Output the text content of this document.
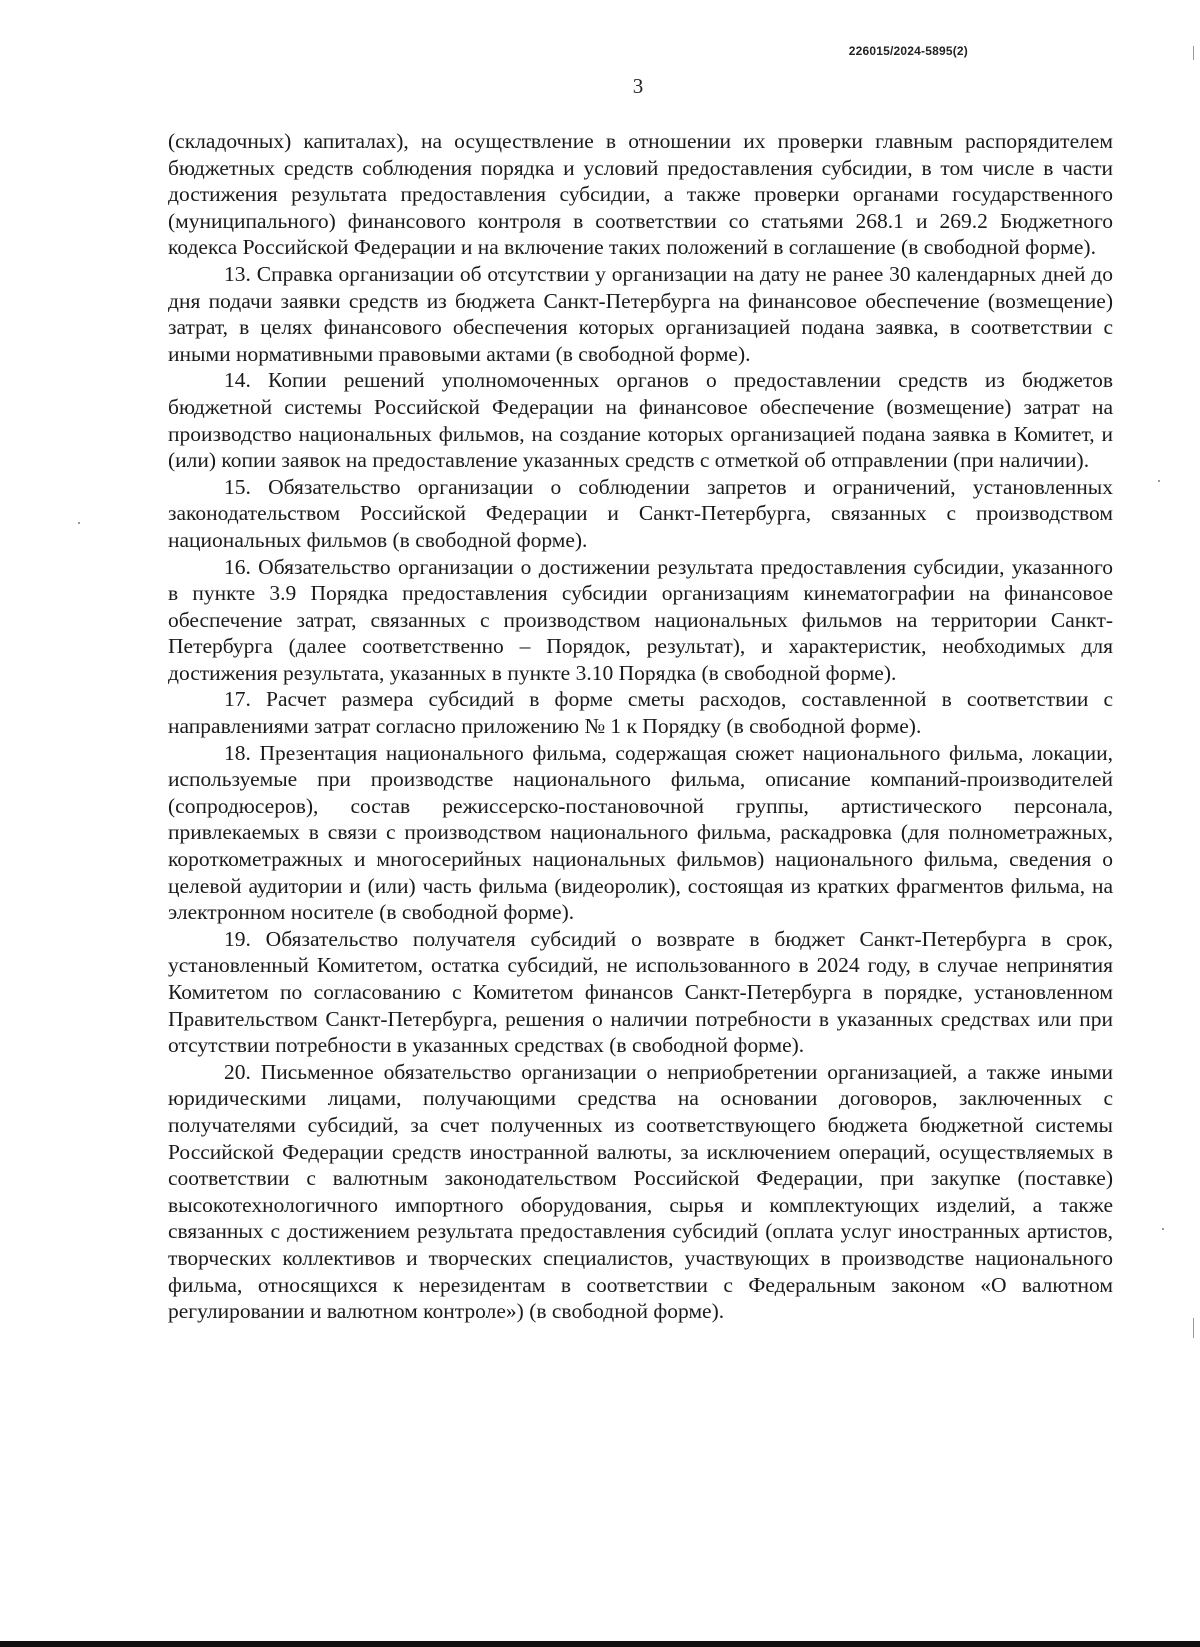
226015/2024-5895(2)
3

(складочных) капиталах), на осуществление в отношении их проверки главным распорядителем бюджетных средств соблюдения порядка и условий предоставления субсидии, в том числе в части достижения результата предоставления субсидии, а также проверки органами государственного (муниципального) финансового контроля в соответствии со статьями 268.1 и 269.2 Бюджетного кодекса Российской Федерации и на включение таких положений в соглашение (в свободной форме).

13. Справка организации об отсутствии у организации на дату не ранее 30 календарных дней до дня подачи заявки средств из бюджета Санкт-Петербурга на финансовое обеспечение (возмещение) затрат, в целях финансового обеспечения которых организацией подана заявка, в соответствии с иными нормативными правовыми актами (в свободной форме).

14. Копии решений уполномоченных органов о предоставлении средств из бюджетов бюджетной системы Российской Федерации на финансовое обеспечение (возмещение) затрат на производство национальных фильмов, на создание которых организацией подана заявка в Комитет, и (или) копии заявок на предоставление указанных средств с отметкой об отправлении (при наличии).

15. Обязательство организации о соблюдении запретов и ограничений, установленных законодательством Российской Федерации и Санкт-Петербурга, связанных с производством национальных фильмов (в свободной форме).

16. Обязательство организации о достижении результата предоставления субсидии, указанного в пункте 3.9 Порядка предоставления субсидии организациям кинематографии на финансовое обеспечение затрат, связанных с производством национальных фильмов на территории Санкт-Петербурга (далее соответственно – Порядок, результат), и характеристик, необходимых для достижения результата, указанных в пункте 3.10 Порядка (в свободной форме).

17. Расчет размера субсидий в форме сметы расходов, составленной в соответствии с направлениями затрат согласно приложению № 1 к Порядку (в свободной форме).

18. Презентация национального фильма, содержащая сюжет национального фильма, локации, используемые при производстве национального фильма, описание компаний-производителей (сопродюсеров), состав режиссерско-постановочной группы, артистического персонала, привлекаемых в связи с производством национального фильма, раскадровка (для полнометражных, короткометражных и многосерийных национальных фильмов) национального фильма, сведения о целевой аудитории и (или) часть фильма (видеоролик), состоящая из кратких фрагментов фильма, на электронном носителе (в свободной форме).

19. Обязательство получателя субсидий о возврате в бюджет Санкт-Петербурга в срок, установленный Комитетом, остатка субсидий, не использованного в 2024 году, в случае непринятия Комитетом по согласованию с Комитетом финансов Санкт-Петербурга в порядке, установленном Правительством Санкт-Петербурга, решения о наличии потребности в указанных средствах или при отсутствии потребности в указанных средствах (в свободной форме).

20. Письменное обязательство организации о неприобретении организацией, а также иными юридическими лицами, получающими средства на основании договоров, заключенных с получателями субсидий, за счет полученных из соответствующего бюджета бюджетной системы Российской Федерации средств иностранной валюты, за исключением операций, осуществляемых в соответствии с валютным законодательством Российской Федерации, при закупке (поставке) высокотехнологичного импортного оборудования, сырья и комплектующих изделий, а также связанных с достижением результата предоставления субсидий (оплата услуг иностранных артистов, творческих коллективов и творческих специалистов, участвующих в производстве национального фильма, относящихся к нерезидентам в соответствии с Федеральным законом «О валютном регулировании и валютном контроле») (в свободной форме).
